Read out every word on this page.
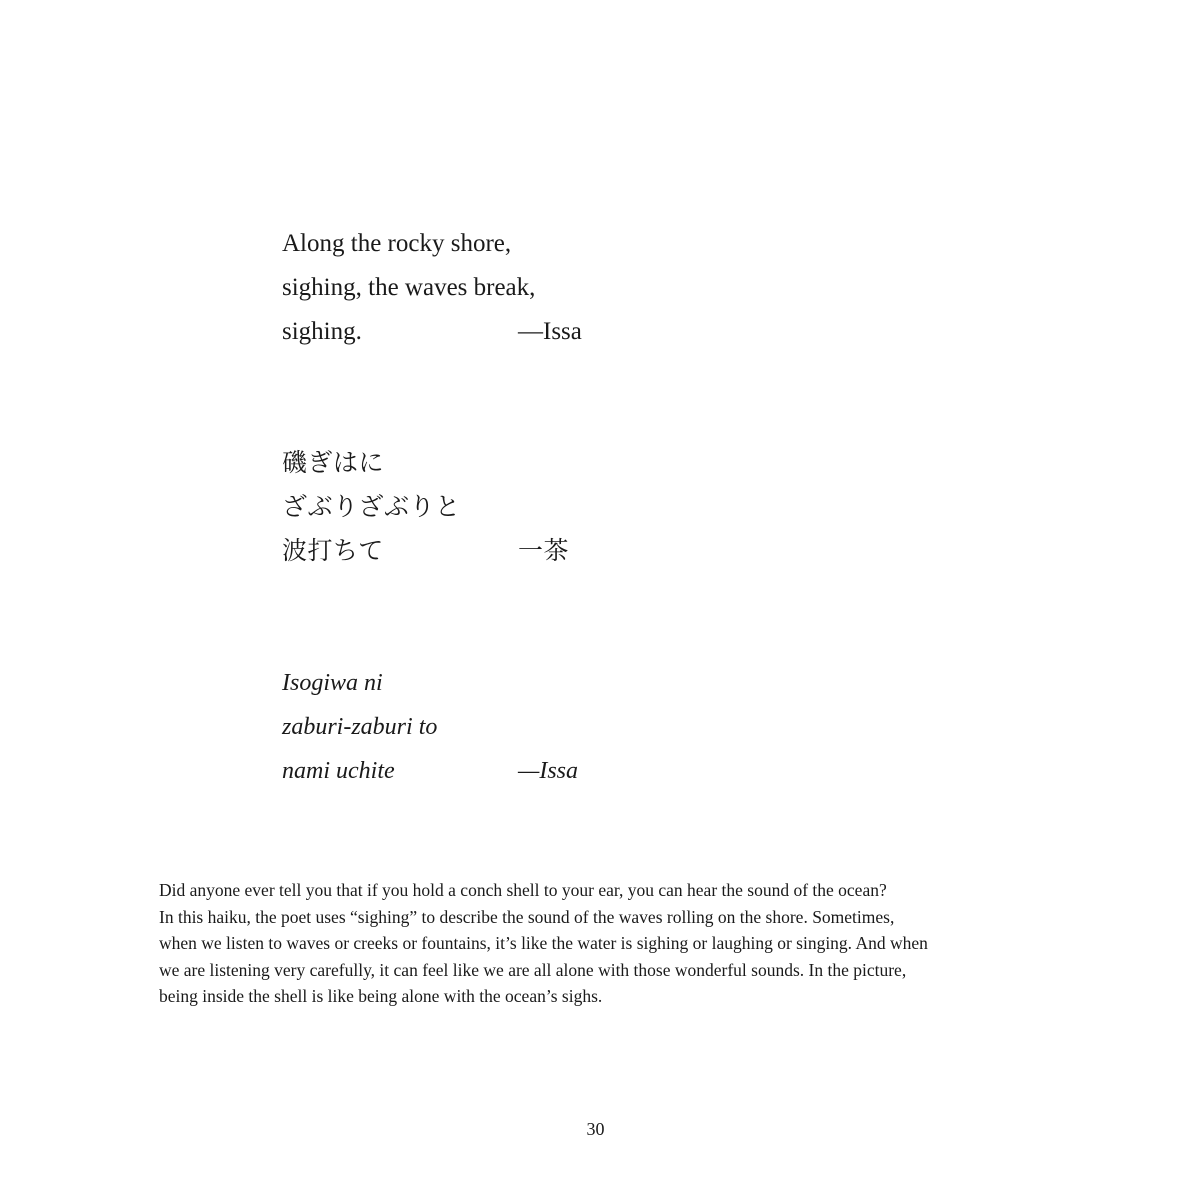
Along the rocky shore,
sighing, the waves break,
sighing.	—Issa
磯ぎはに
ざぶりざぶりと
波打ちて	一茶
Isogiwa ni
zaburi-zaburi to
nami uchite	—Issa

Did anyone ever tell you that if you hold a conch shell to your ear, you can hear the sound of the ocean?
In this haiku, the poet uses “sighing” to describe the sound of the waves rolling on the shore. Sometimes,
when we listen to waves or creeks or fountains, it’s like the water is sighing or laughing or singing. And when
we are listening very carefully, it can feel like we are all alone with those wonderful sounds. In the picture,
being inside the shell is like being alone with the ocean’s sighs.

30
